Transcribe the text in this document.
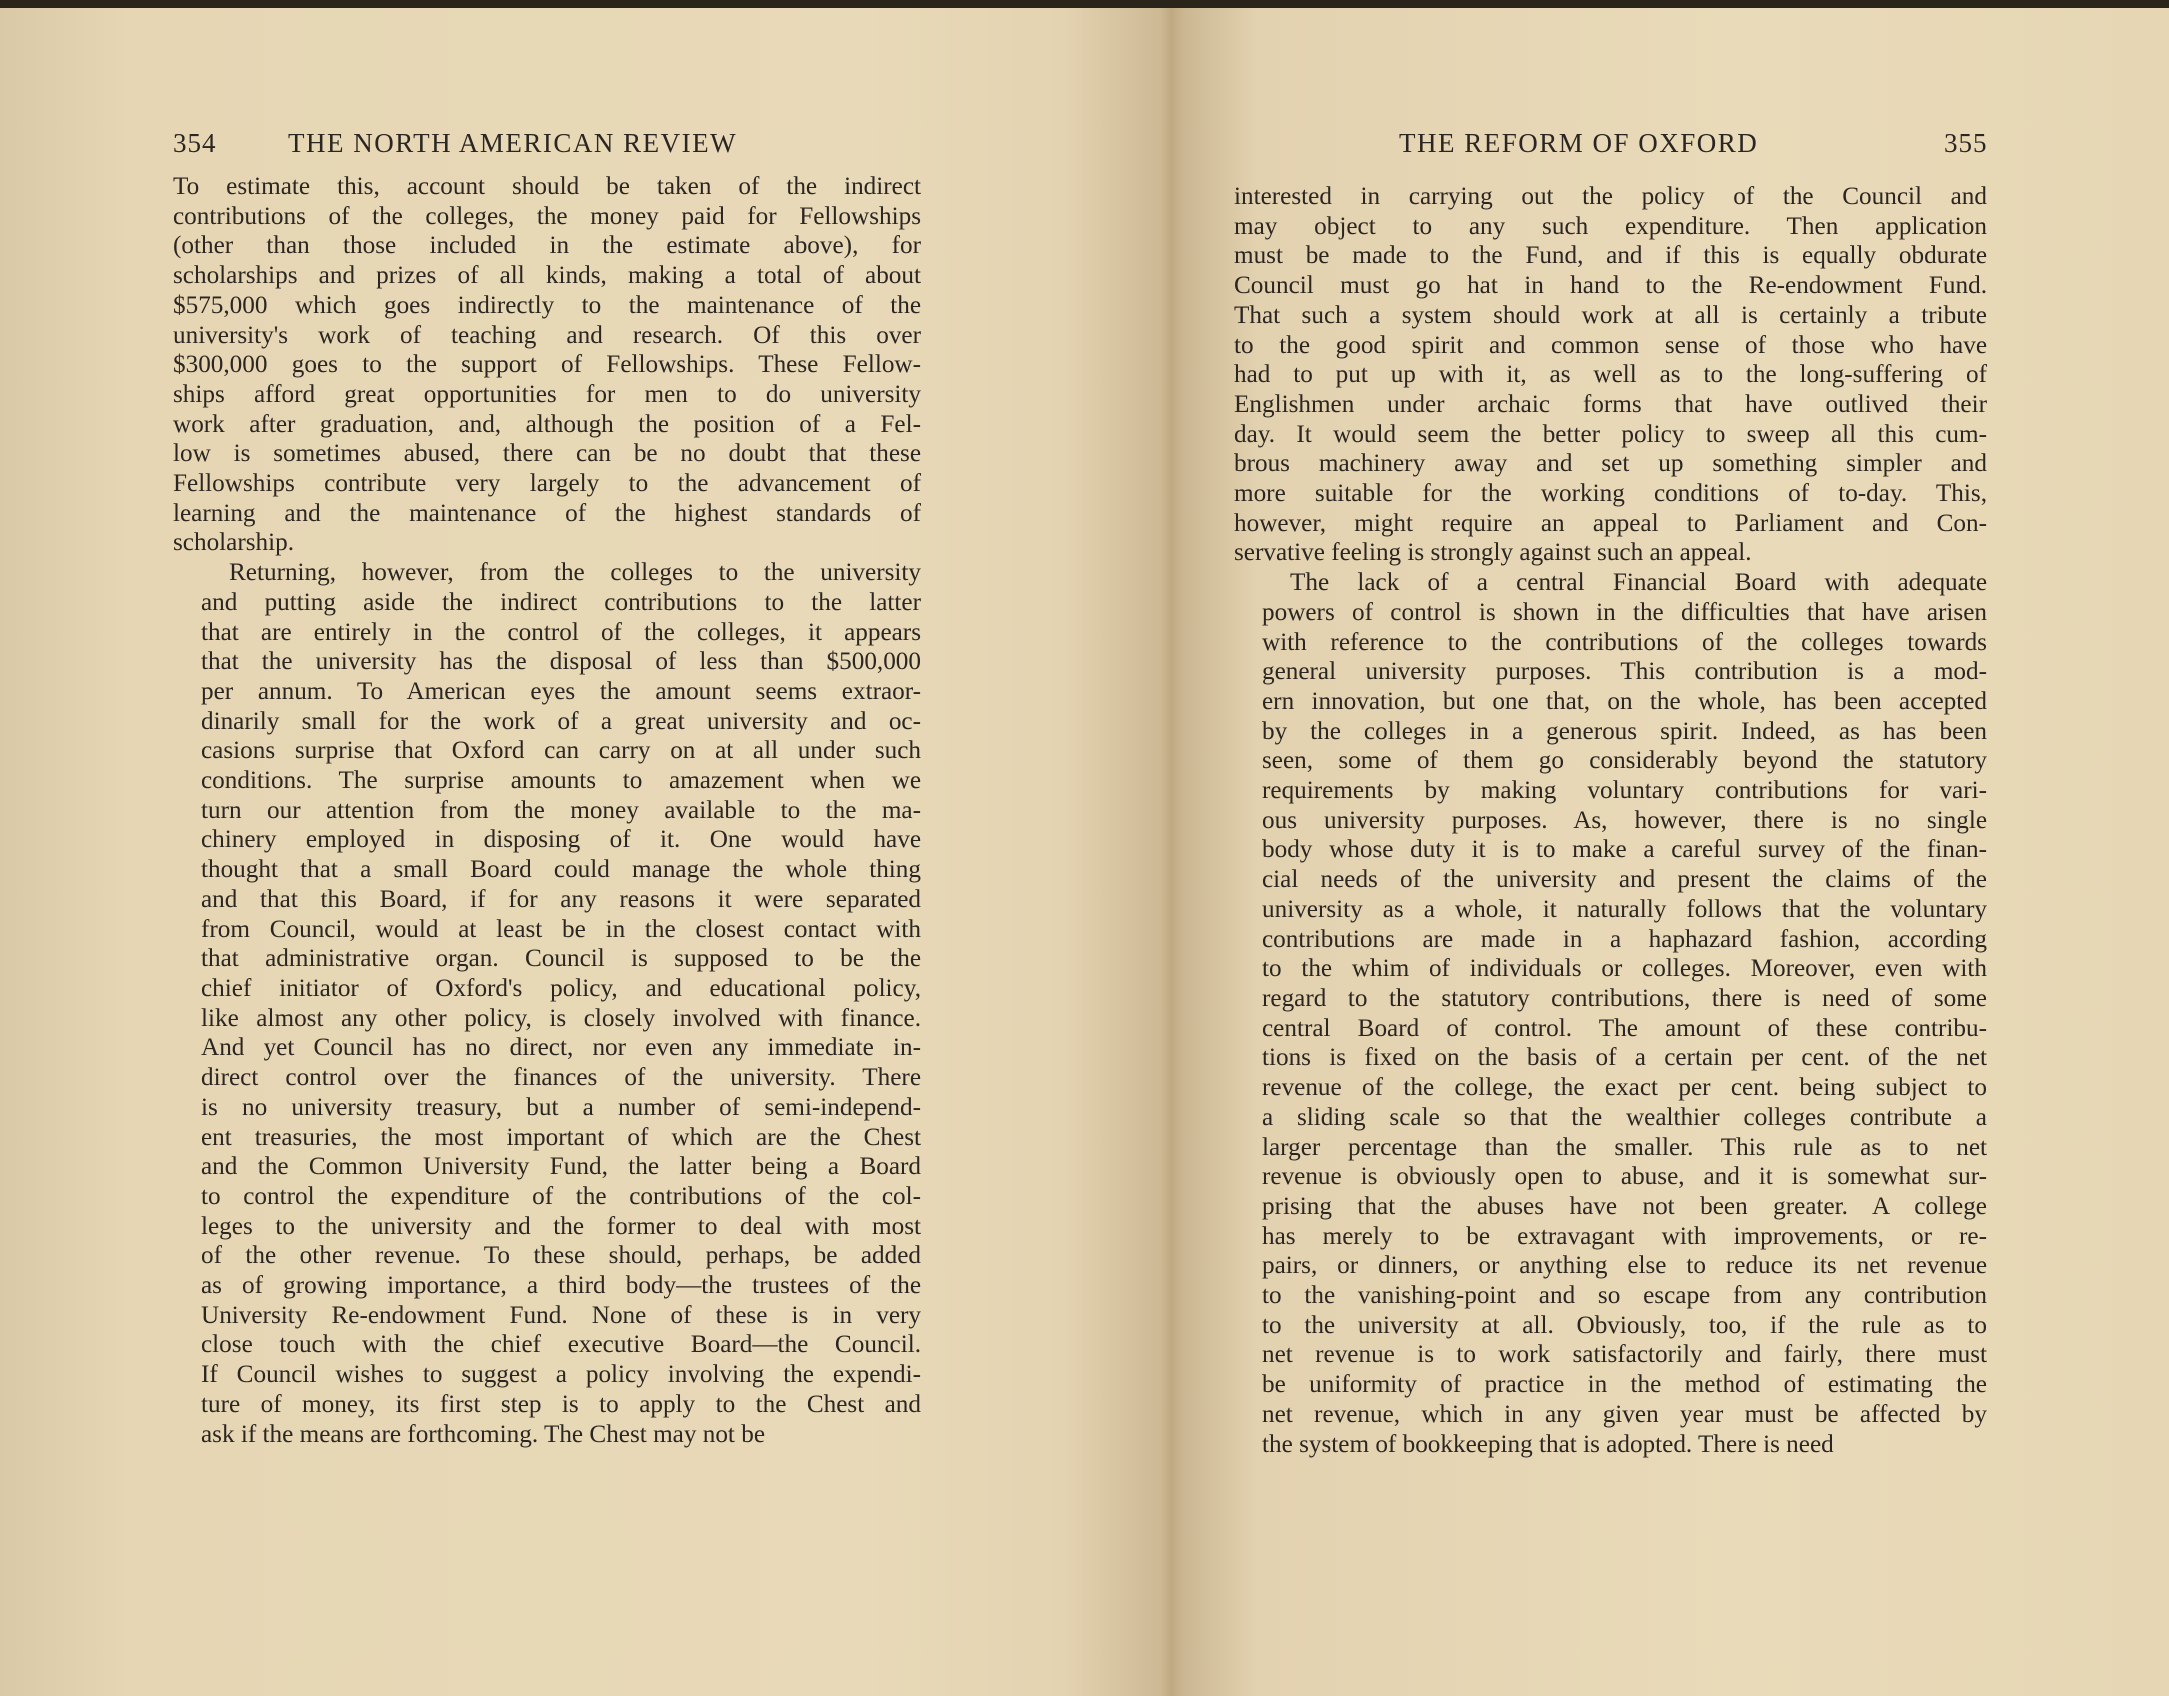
354	THE NORTH AMERICAN REVIEW

To estimate this, account should be taken of the indirect
contributions of the colleges, the money paid for Fellowships
(other than those included in the estimate above), for
scholarships and prizes of all kinds, making a total of about
$575,000 which goes indirectly to the maintenance of the
university's work of teaching and research. Of this over
$300,000 goes to the support of Fellowships. These Fellow-
ships afford great opportunities for men to do university
work after graduation, and, although the position of a Fel-
low is sometimes abused, there can be no doubt that these
Fellowships contribute very largely to the advancement of
learning and the maintenance of the highest standards of
scholarship.

Returning, however, from the colleges to the university
and putting aside the indirect contributions to the latter
that are entirely in the control of the colleges, it appears
that the university has the disposal of less than $500,000
per annum. To American eyes the amount seems extraor-
dinarily small for the work of a great university and oc-
casions surprise that Oxford can carry on at all under such
conditions. The surprise amounts to amazement when we
turn our attention from the money available to the ma-
chinery employed in disposing of it. One would have
thought that a small Board could manage the whole thing
and that this Board, if for any reasons it were separated
from Council, would at least be in the closest contact with
that administrative organ. Council is supposed to be the
chief initiator of Oxford's policy, and educational policy,
like almost any other policy, is closely involved with finance.
And yet Council has no direct, nor even any immediate in-
direct control over the finances of the university. There
is no university treasury, but a number of semi-independ-
ent treasuries, the most important of which are the Chest
and the Common University Fund, the latter being a Board
to control the expenditure of the contributions of the col-
leges to the university and the former to deal with most
of the other revenue. To these should, perhaps, be added
as of growing importance, a third body—the trustees of the
University Re-endowment Fund. None of these is in very
close touch with the chief executive Board—the Council.
If Council wishes to suggest a policy involving the expendi-
ture of money, its first step is to apply to the Chest and
ask if the means are forthcoming. The Chest may not be

THE REFORM OF OXFORD	355

interested in carrying out the policy of the Council and
may object to any such expenditure. Then application
must be made to the Fund, and if this is equally obdurate
Council must go hat in hand to the Re-endowment Fund.
That such a system should work at all is certainly a tribute
to the good spirit and common sense of those who have
had to put up with it, as well as to the long-suffering of
Englishmen under archaic forms that have outlived their
day. It would seem the better policy to sweep all this cum-
brous machinery away and set up something simpler and
more suitable for the working conditions of to-day. This,
however, might require an appeal to Parliament and Con-
servative feeling is strongly against such an appeal.

The lack of a central Financial Board with adequate
powers of control is shown in the difficulties that have arisen
with reference to the contributions of the colleges towards
general university purposes. This contribution is a mod-
ern innovation, but one that, on the whole, has been accepted
by the colleges in a generous spirit. Indeed, as has been
seen, some of them go considerably beyond the statutory
requirements by making voluntary contributions for vari-
ous university purposes. As, however, there is no single
body whose duty it is to make a careful survey of the finan-
cial needs of the university and present the claims of the
university as a whole, it naturally follows that the voluntary
contributions are made in a haphazard fashion, according
to the whim of individuals or colleges. Moreover, even with
regard to the statutory contributions, there is need of some
central Board of control. The amount of these contribu-
tions is fixed on the basis of a certain per cent. of the net
revenue of the college, the exact per cent. being subject to
a sliding scale so that the wealthier colleges contribute a
larger percentage than the smaller. This rule as to net
revenue is obviously open to abuse, and it is somewhat sur-
prising that the abuses have not been greater. A college
has merely to be extravagant with improvements, or re-
pairs, or dinners, or anything else to reduce its net revenue
to the vanishing-point and so escape from any contribution
to the university at all. Obviously, too, if the rule as to
net revenue is to work satisfactorily and fairly, there must
be uniformity of practice in the method of estimating the
net revenue, which in any given year must be affected by
the system of bookkeeping that is adopted. There is need
